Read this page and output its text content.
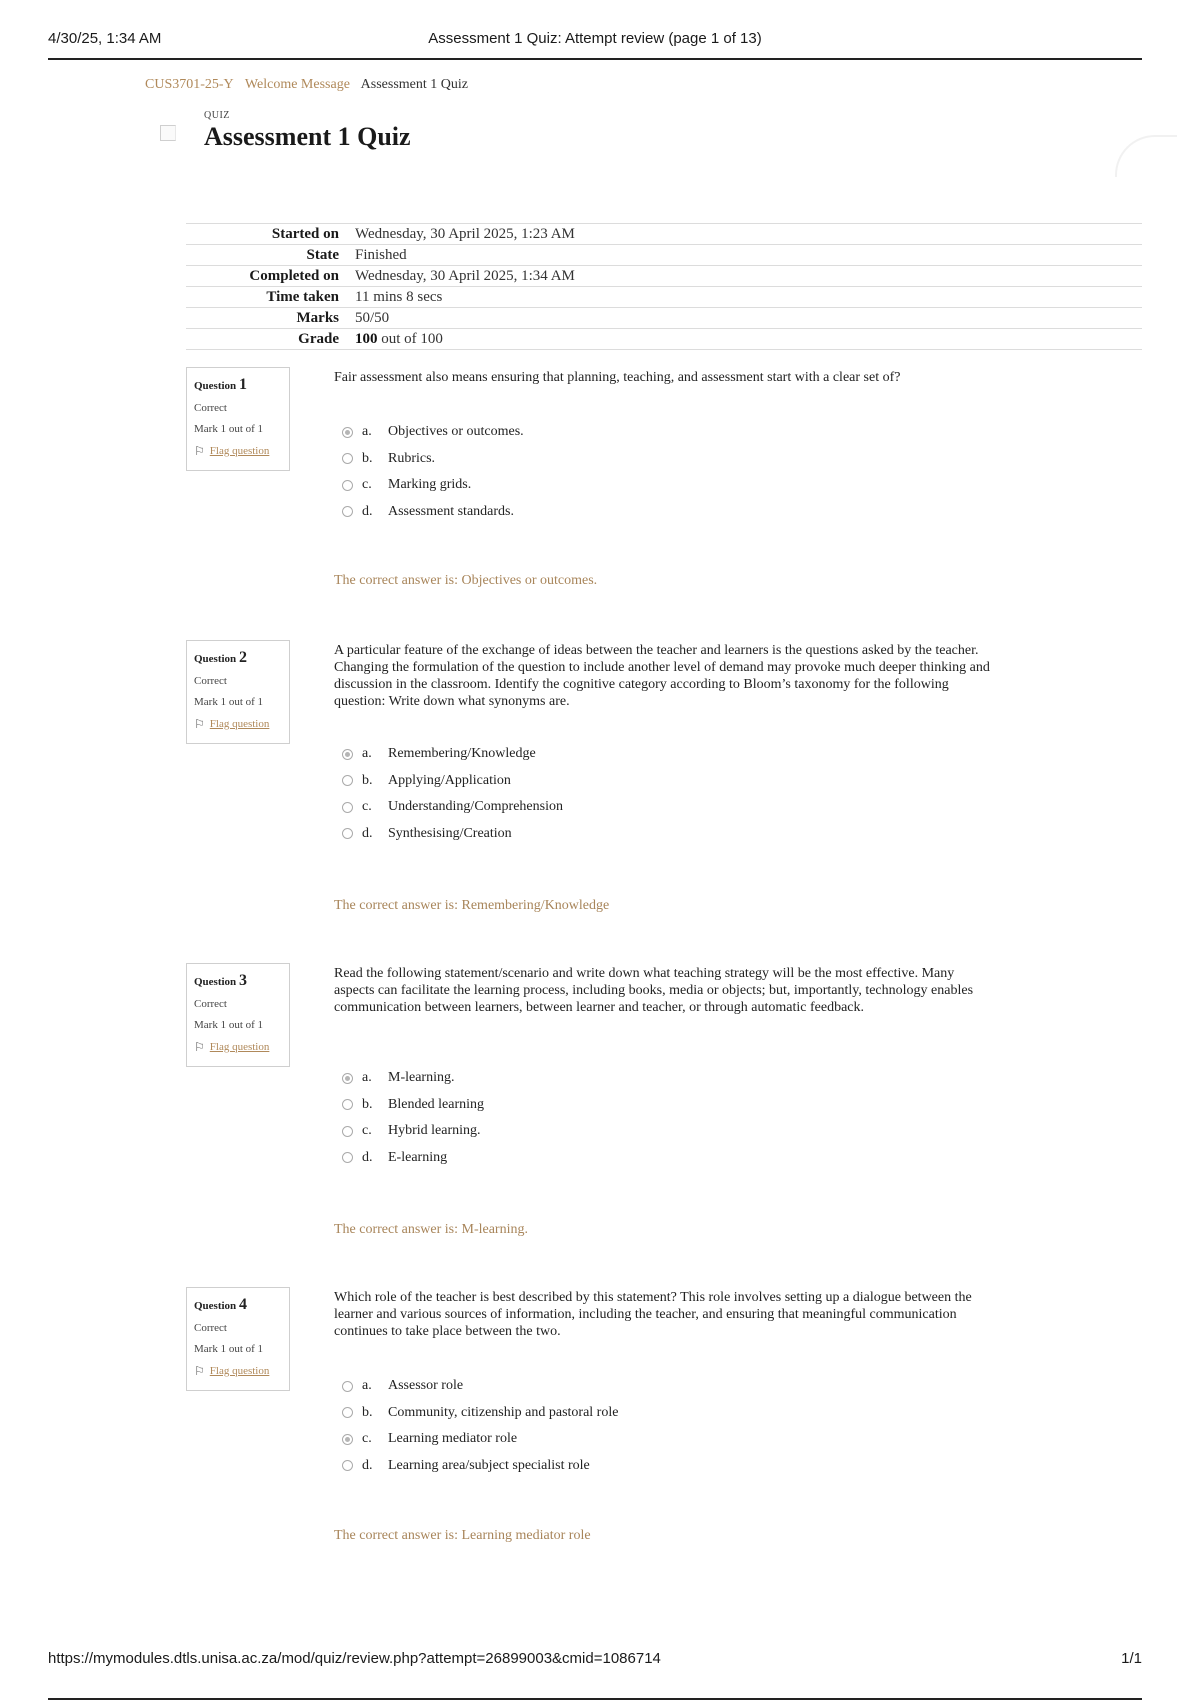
4/30/25, 1:34 AM	Assessment 1 Quiz: Attempt review (page 1 of 13)
CUS3701-25-Y Welcome Message Assessment 1 Quiz
QUIZ
Assessment 1 Quiz
Started on	Wednesday, 30 April 2025, 1:23 AM
State	Finished
Completed on	Wednesday, 30 April 2025, 1:34 AM
Time taken	11 mins 8 secs
Marks	50/50
Grade	100 out of 100
Question 1
Correct
Mark 1 out of 1
⚐ Flag question

Fair assessment also means ensuring that planning, teaching, and assessment start with a clear set of?

a.	Objectives or outcomes.
b.	Rubrics.
c.	Marking grids.
d.	Assessment standards.
The correct answer is: Objectives or outcomes.
Question 2
Correct
Mark 1 out of 1
⚐ Flag question

A particular feature of the exchange of ideas between the teacher and learners is the questions asked by the teacher. Changing the formulation of the question to include another level of demand may provoke much deeper thinking and discussion in the classroom. Identify the cognitive category according to Bloom’s taxonomy for the following question: Write down what synonyms are.

a.	Remembering/Knowledge
b.	Applying/Application
c.	Understanding/Comprehension
d.	Synthesising/Creation
The correct answer is: Remembering/Knowledge
Question 3
Correct
Mark 1 out of 1
⚐ Flag question

Read the following statement/scenario and write down what teaching strategy will be the most effective. Many aspects can facilitate the learning process, including books, media or objects; but, importantly, technology enables communication between learners, between learner and teacher, or through automatic feedback.

a.	M-learning.
b.	Blended learning
c.	Hybrid learning.
d.	E-learning
The correct answer is: M-learning.
Question 4
Correct
Mark 1 out of 1
⚐ Flag question

Which role of the teacher is best described by this statement? This role involves setting up a dialogue between the learner and various sources of information, including the teacher, and ensuring that meaningful communication continues to take place between the two.

a.	Assessor role
b.	Community, citizenship and pastoral role
c.	Learning mediator role
d.	Learning area/subject specialist role
The correct answer is: Learning mediator role
https://mymodules.dtls.unisa.ac.za/mod/quiz/review.php?attempt=26899003&cmid=1086714	1/1
